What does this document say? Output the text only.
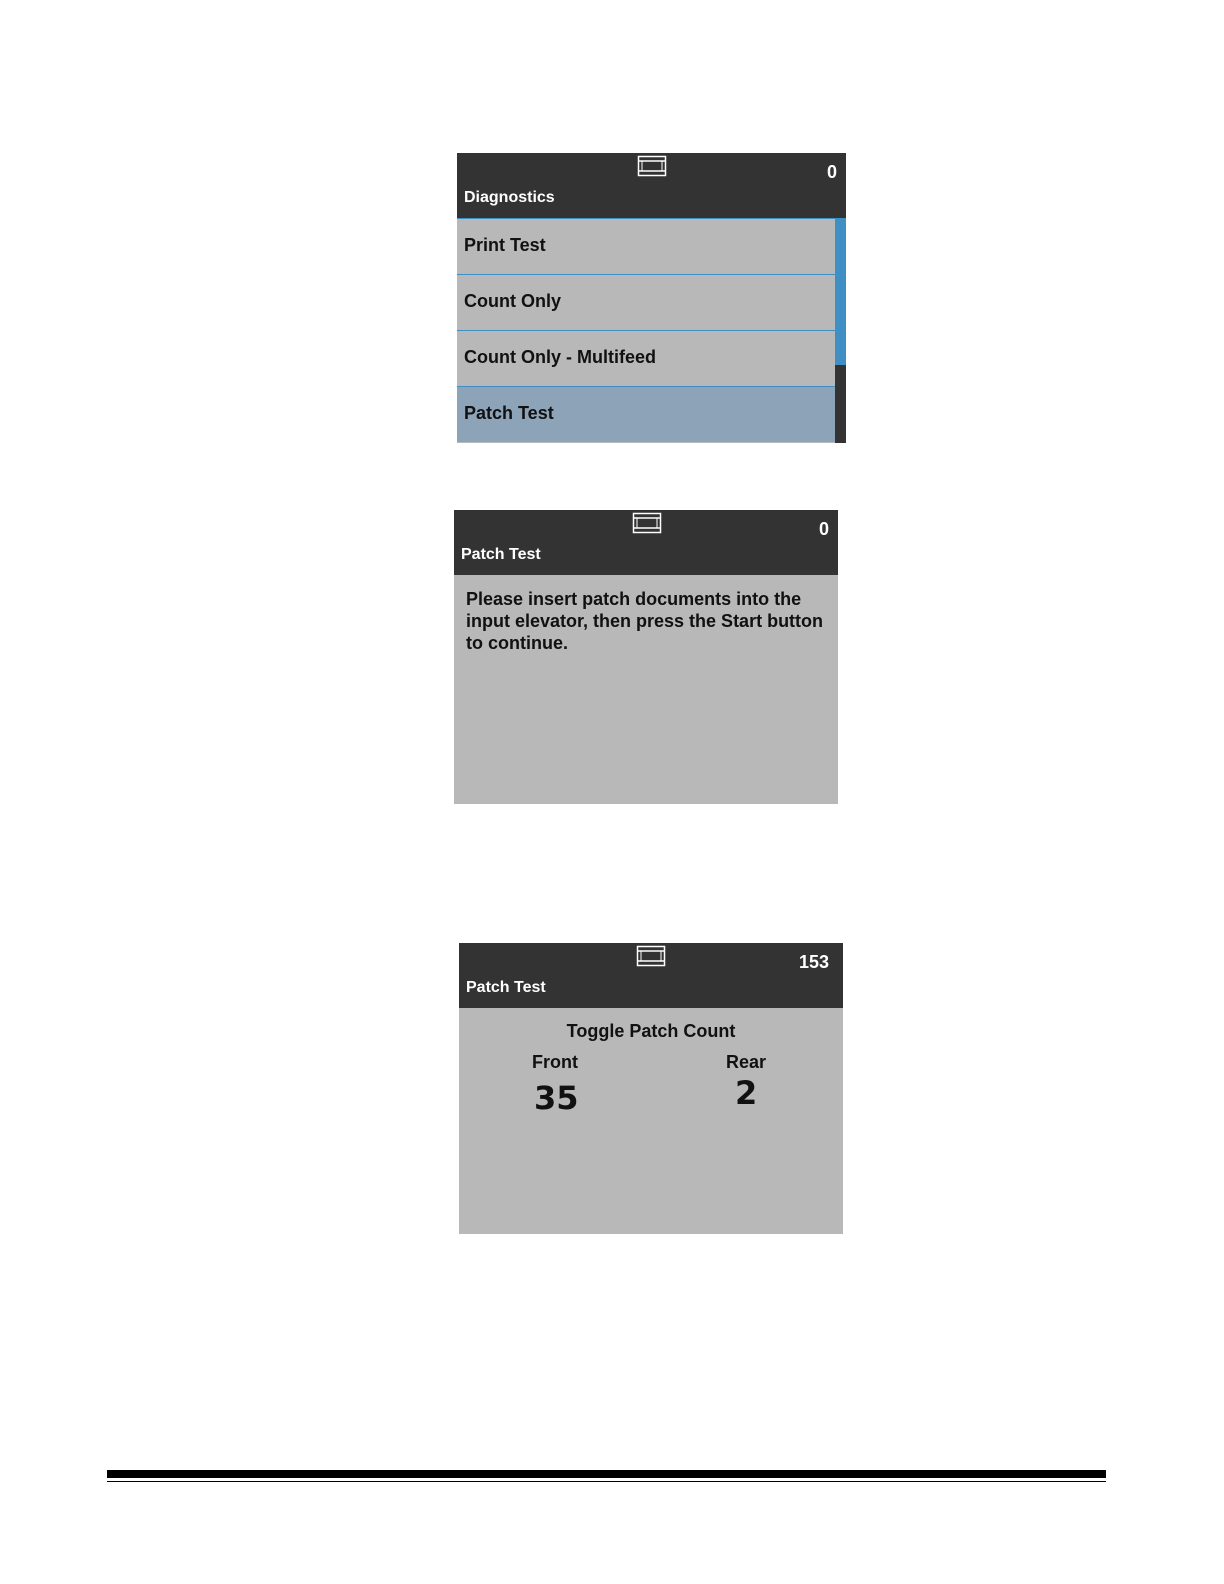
0
Diagnostics
Print Test
Count Only
Count Only - Multifeed
Patch Test
0
Patch Test
Please insert patch documents into the input elevator, then press the Start button to continue.
153
Patch Test
Toggle Patch Count
Front
35
Rear
2
